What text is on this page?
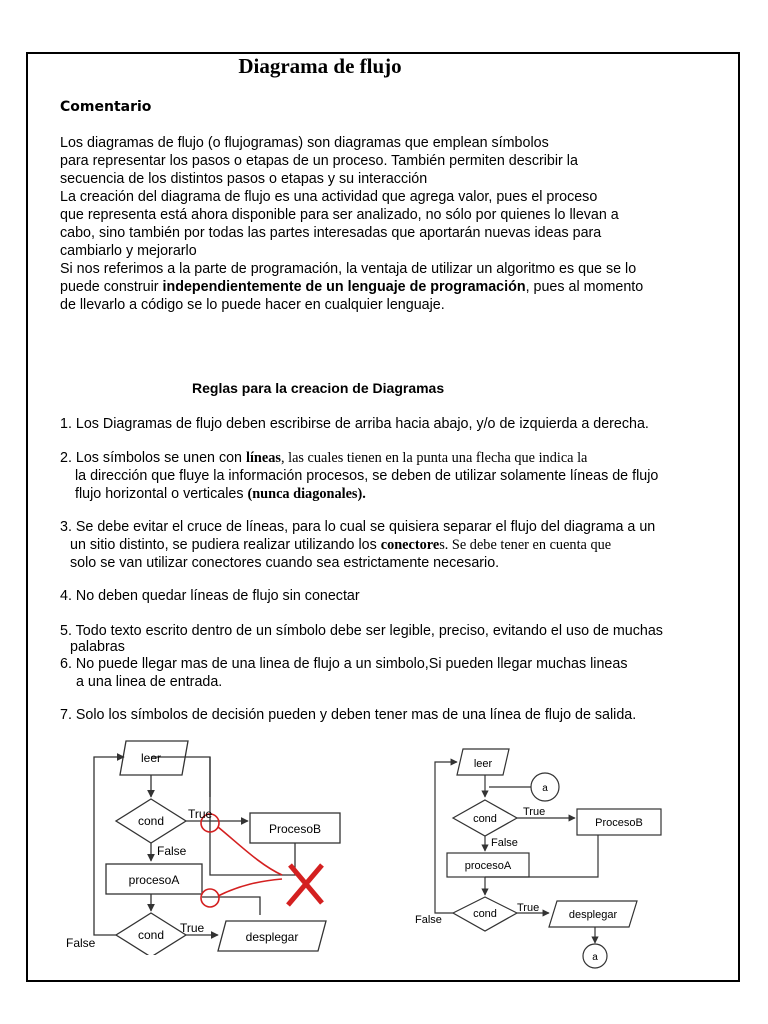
Diagrama de flujo
Comentario
Los diagramas de flujo (o flujogramas) son diagramas que emplean símbolos
para representar los pasos o etapas de un proceso. También permiten describir la
secuencia de los distintos pasos o etapas y su interacción
La creación del diagrama de flujo es una actividad que agrega valor, pues el proceso
que representa está ahora disponible para ser analizado, no sólo por quienes lo llevan a
cabo, sino también por todas las partes interesadas que aportarán nuevas ideas para
cambiarlo y mejorarlo
Si nos referimos a la parte de programación, la ventaja de utilizar un algoritmo es que se lo
puede construir independientemente de un lenguaje de programación, pues al momento
de llevarlo a código se lo puede hacer en cualquier lenguaje.
Reglas para la creacion de Diagramas
1. Los Diagramas de flujo deben escribirse de arriba hacia abajo, y/o de izquierda a derecha.
2. Los símbolos se unen con líneas, las cuales tienen en la punta una flecha que indica la
la dirección que fluye la información procesos, se deben de utilizar solamente líneas de flujo
flujo horizontal o verticales (nunca diagonales).
3. Se debe evitar el cruce de líneas, para lo cual se quisiera separar el flujo del diagrama a un
un sitio distinto, se pudiera realizar utilizando los conectores. Se debe tener en cuenta que
solo se van utilizar conectores cuando sea estrictamente necesario.
4. No deben quedar líneas de flujo sin conectar
5. Todo texto escrito dentro de un símbolo debe ser legible, preciso, evitando el uso de muchas
palabras
6. No puede llegar mas de una linea de flujo a un simbolo,Si pueden llegar muchas lineas
a una linea de entrada.
7. Solo los símbolos de decisión pueden y deben tener mas de una línea de flujo de salida.
leer
cond True
ProcesoB
False
procesoA
cond True
desplegar
False
leer
a
cond
True
ProcesoB
False
procesoA
False	cond True
desplegar
a
